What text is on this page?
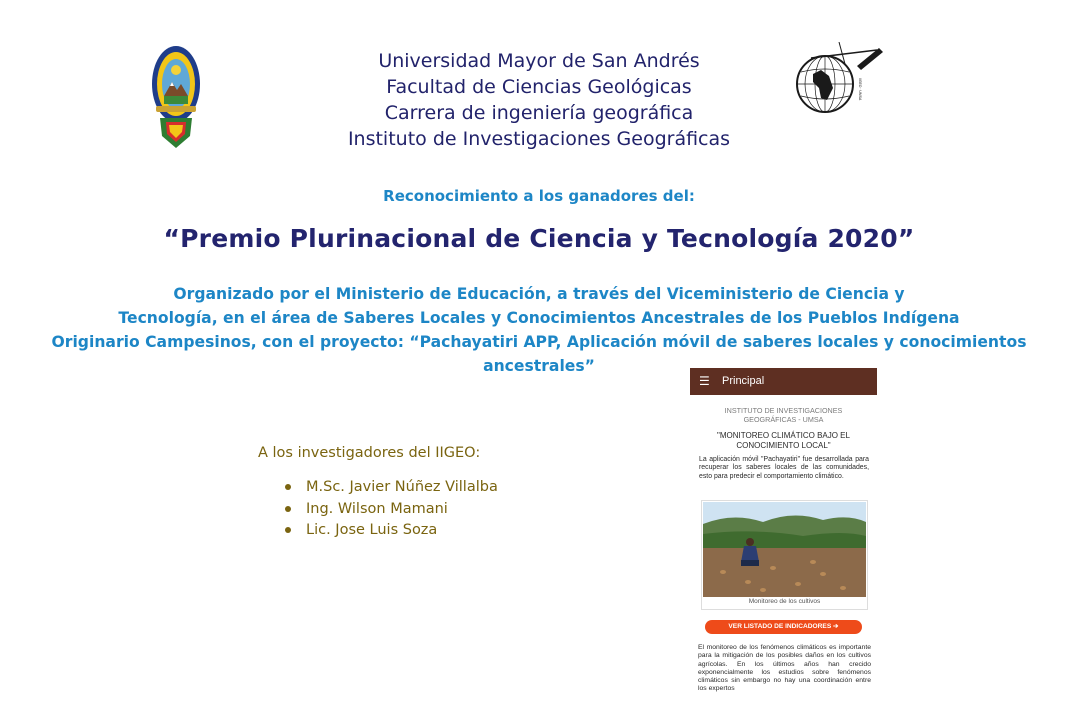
IIGEO · UMSA
Universidad Mayor de San Andrés
Facultad de Ciencias Geológicas
Carrera de ingeniería geográfica
Instituto de Investigaciones Geográficas
Reconocimiento a los ganadores del:
“Premio Plurinacional de Ciencia y Tecnología 2020”
Organizado por el Ministerio de Educación, a través del Viceministerio de Ciencia y
Tecnología, en el área de Saberes Locales y Conocimientos Ancestrales de los Pueblos Indígena
Originario Campesinos, con el proyecto: “Pachayatiri APP, Aplicación móvil de saberes locales y conocimientos
ancestrales”
A los investigadores del IIGEO:
M.Sc. Javier Núñez Villalba
Ing. Wilson Mamani
Lic. Jose Luis Soza
☰ Principal
INSTITUTO DE INVESTIGACIONES
GEOGRÁFICAS - UMSA
"MONITOREO CLIMÁTICO BAJO EL
CONOCIMIENTO LOCAL"
La aplicación móvil "Pachayatiri" fue desarrollada para recuperar los saberes locales de las comunidades, esto para predecir el comportamiento climático.
Monitoreo de los cultivos
VER LISTADO DE INDICADORES ➔
El monitoreo de los fenómenos climáticos es importante para la mitigación de los posibles daños en los cultivos agrícolas. En los últimos años han crecido exponencialmente los estudios sobre fenómenos climáticos sin embargo no hay una coordinación entre los expertos
